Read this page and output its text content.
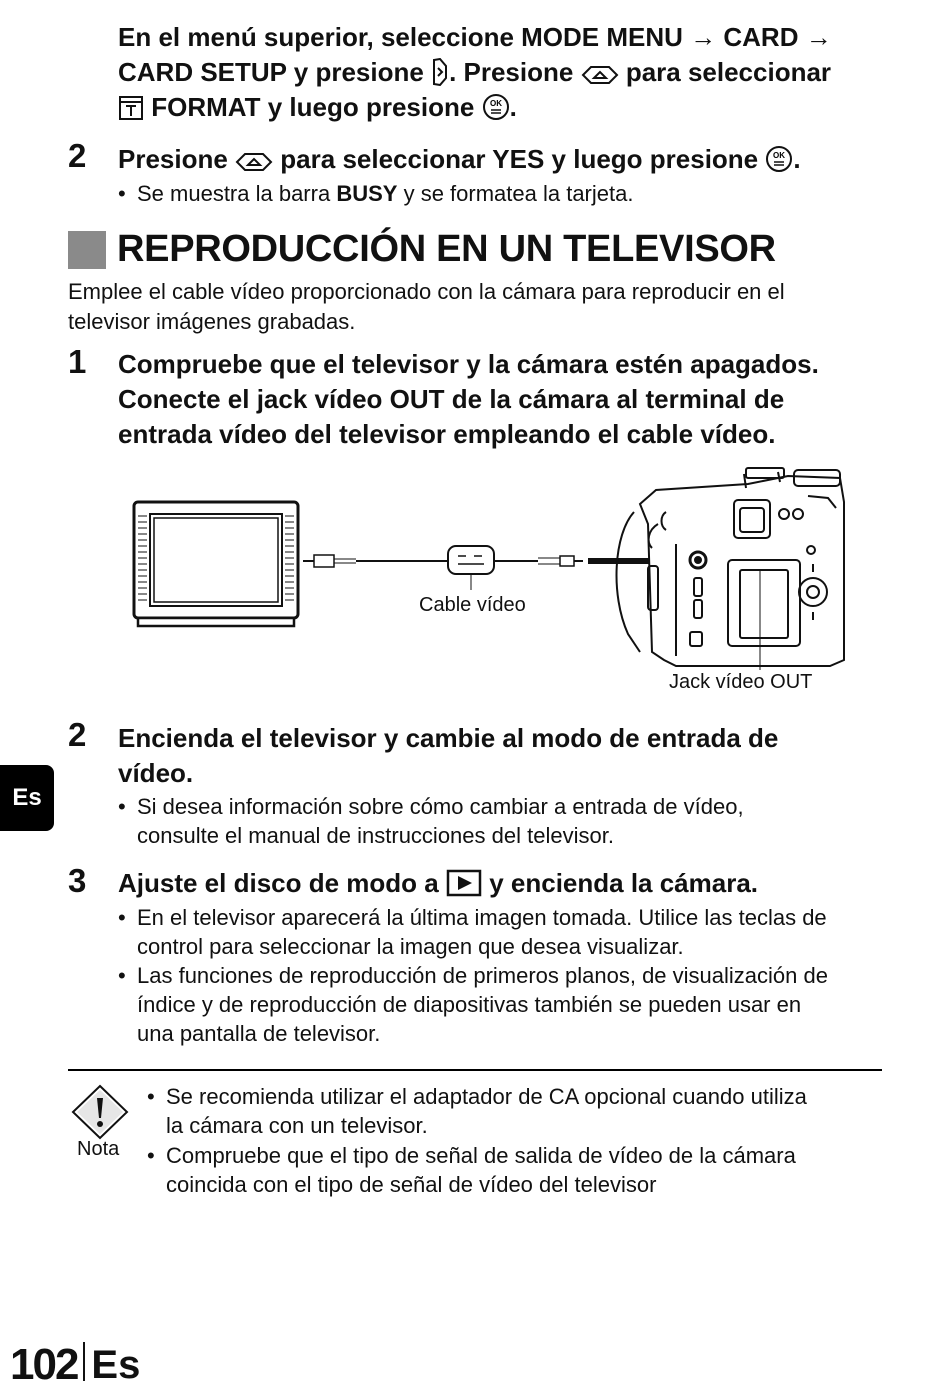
En el menú superior, seleccione MODE MENU → CARD →
CARD SETUP y presione . Presione para seleccionar
FORMAT y luego presione OK .
2 Presione para seleccionar YES y luego presione OK .
• Se muestra la barra BUSY y se formatea la tarjeta.
REPRODUCCIÓN EN UN TELEVISOR
Emplee el cable vídeo proporcionado con la cámara para reproducir en el
televisor imágenes grabadas.
1 Compruebe que el televisor y la cámara estén apagados.
Conecte el jack vídeo OUT de la cámara al terminal de
entrada vídeo del televisor empleando el cable vídeo.
Cable vídeo
Jack vídeo OUT
2 Encienda el televisor y cambie al modo de entrada de
vídeo.
• Si desea información sobre cómo cambiar a entrada de vídeo,
consulte el manual de instrucciones del televisor.
Es
3 Ajuste el disco de modo a y encienda la cámara.
• En el televisor aparecerá la última imagen tomada. Utilice las teclas de
control para seleccionar la imagen que desea visualizar.
• Las funciones de reproducción de primeros planos, de visualización de
índice y de reproducción de diapositivas también se pueden usar en
una pantalla de televisor.
Nota
• Se recomienda utilizar el adaptador de CA opcional cuando utiliza
la cámara con un televisor.
• Compruebe que el tipo de señal de salida de vídeo de la cámara
coincida con el tipo de señal de vídeo del televisor
102 Es
